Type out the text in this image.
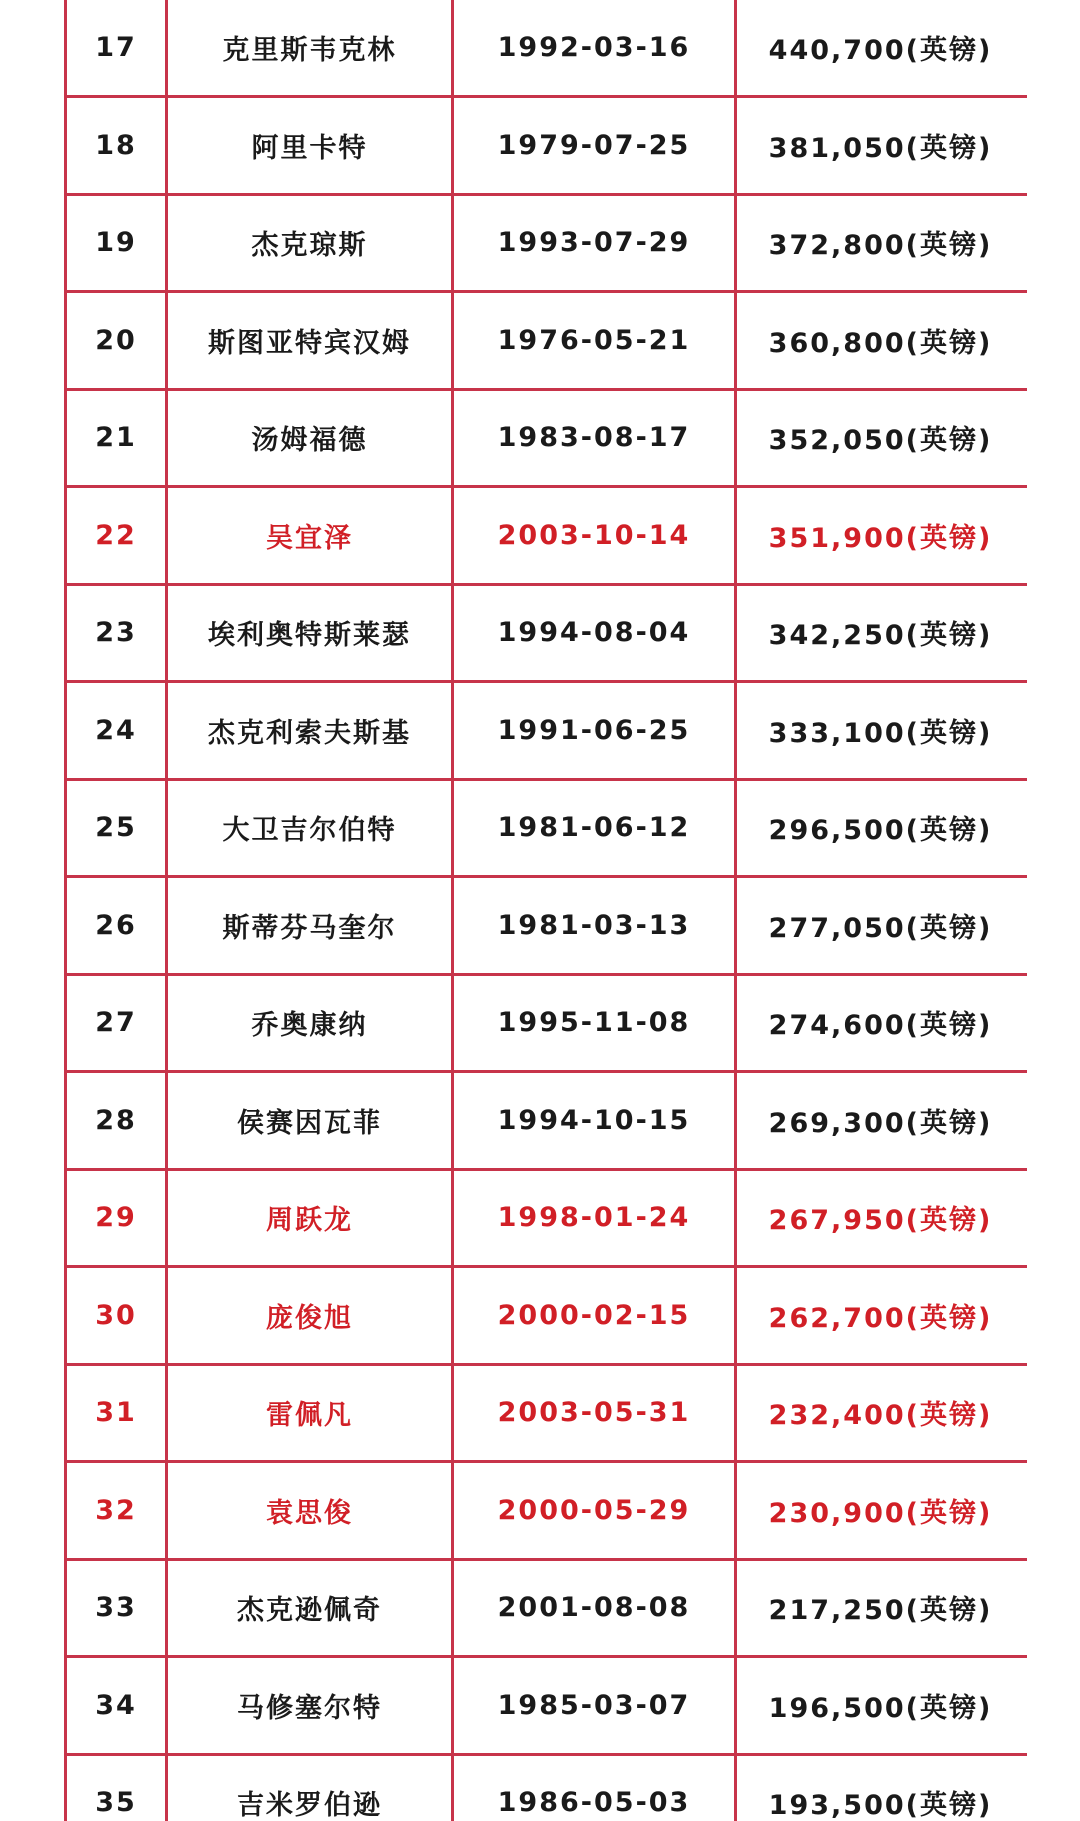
17	克里斯韦克林	1992-03-16	440,700(英镑)
18	阿里卡特	1979-07-25	381,050(英镑)
19	杰克琼斯	1993-07-29	372,800(英镑)
20	斯图亚特宾汉姆	1976-05-21	360,800(英镑)
21	汤姆福德	1983-08-17	352,050(英镑)
22	吴宜泽	2003-10-14	351,900(英镑)
23	埃利奥特斯莱瑟	1994-08-04	342,250(英镑)
24	杰克利索夫斯基	1991-06-25	333,100(英镑)
25	大卫吉尔伯特	1981-06-12	296,500(英镑)
26	斯蒂芬马奎尔	1981-03-13	277,050(英镑)
27	乔奥康纳	1995-11-08	274,600(英镑)
28	侯赛因瓦菲	1994-10-15	269,300(英镑)
29	周跃龙	1998-01-24	267,950(英镑)
30	庞俊旭	2000-02-15	262,700(英镑)
31	雷佩凡	2003-05-31	232,400(英镑)
32	袁思俊	2000-05-29	230,900(英镑)
33	杰克逊佩奇	2001-08-08	217,250(英镑)
34	马修塞尔特	1985-03-07	196,500(英镑)
35	吉米罗伯逊	1986-05-03	193,500(英镑)
